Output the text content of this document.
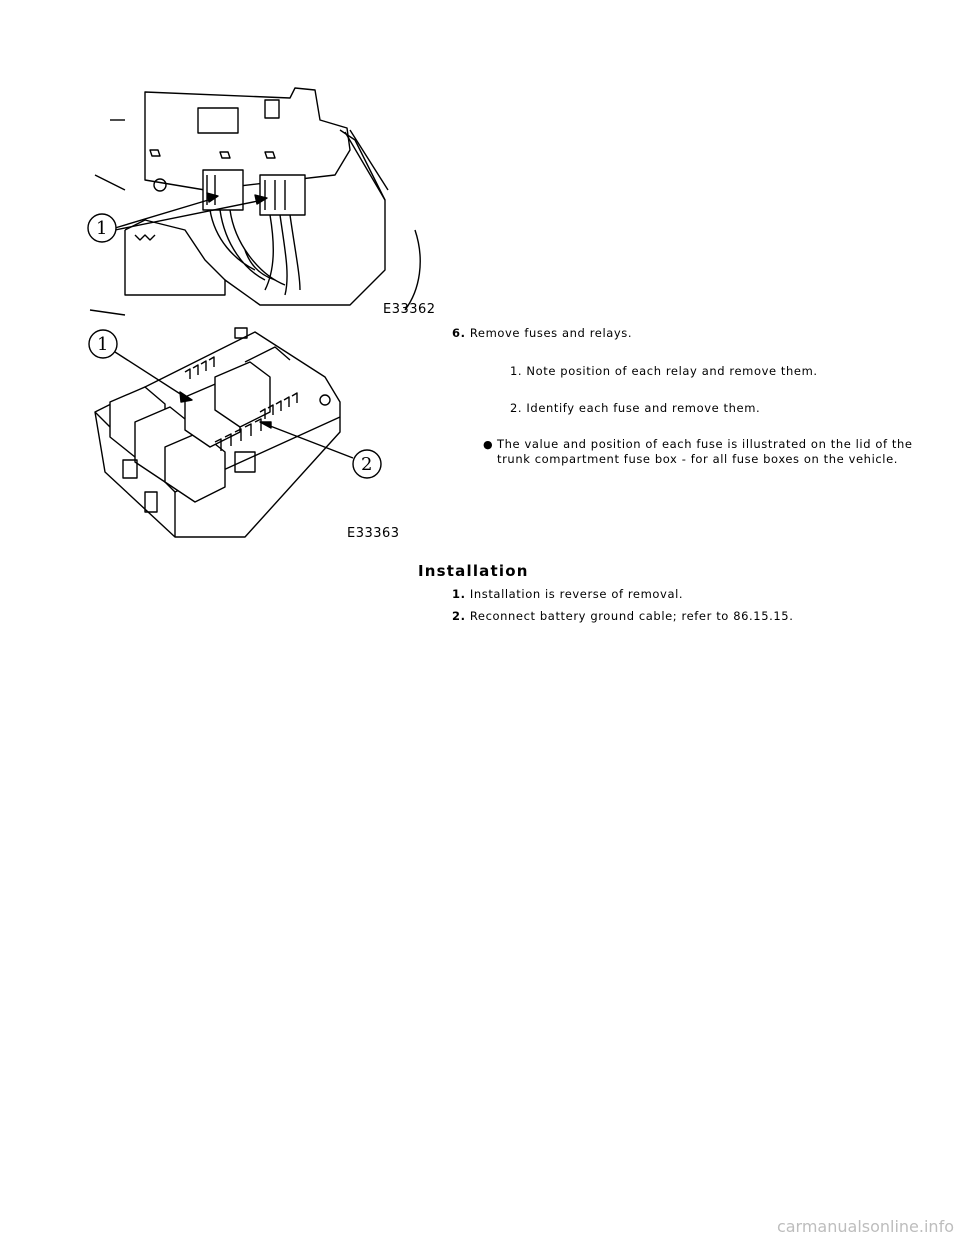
1
E33362
1
2
E33363
6. Remove fuses and relays.
1. Note position of each relay and remove them.
2. Identify each fuse and remove them.
● The value and position of each fuse is illustrated on the lid of the trunk compartment fuse box - for all fuse boxes on the vehicle.
Installation
1. Installation is reverse of removal.
2. Reconnect battery ground cable; refer to 86.15.15.
carmanualsonline.info
